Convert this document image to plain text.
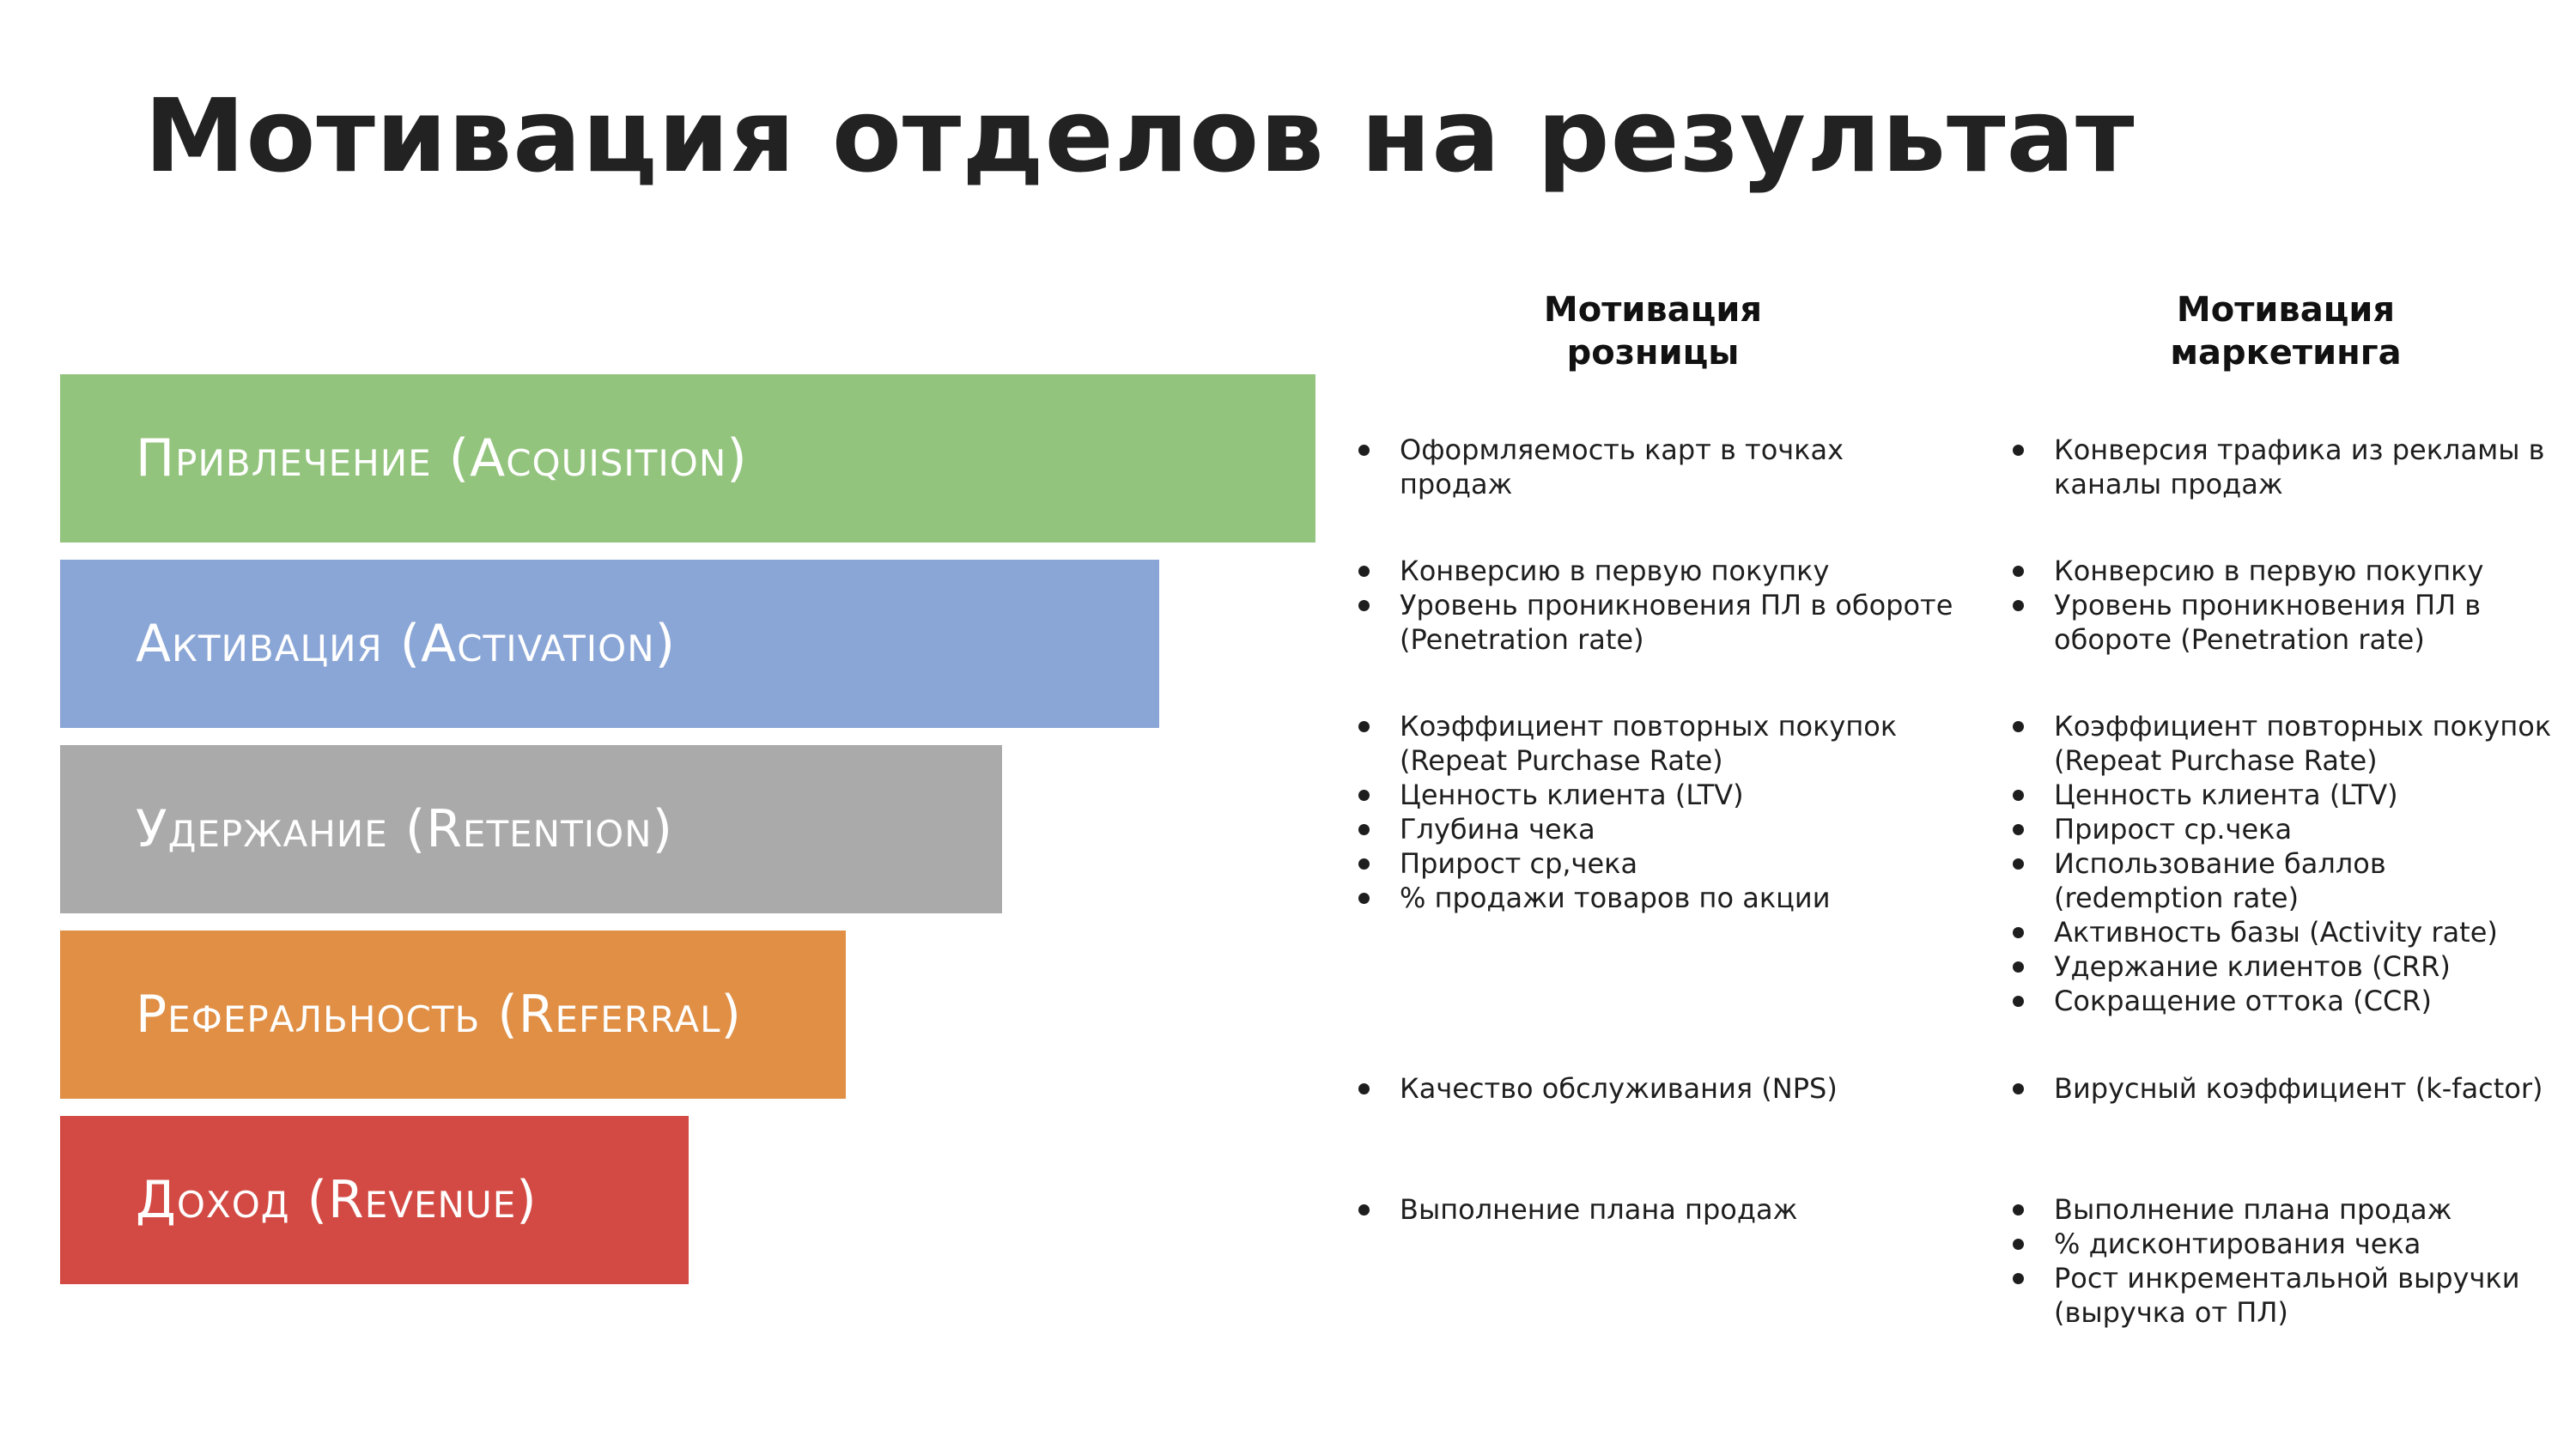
Мотивация отделов на результат
Привлечение (Acquisition)
Активация (Activation)
Удержание (Retention)
Реферальность (Referral)
Доход (Revenue)
Мотивация
розницы
Мотивация
маркетинга
Оформляемость карт в точках продаж
Конверсию в первую покупку
Уровень проникновения ПЛ в обороте (Penetration rate)
Коэффициент повторных покупок (Repeat Purchase Rate)
Ценность клиента (LTV)
Глубина чека
Прирост ср,чека
% продажи товаров по акции
Качество обслуживания (NPS)
Выполнение плана продаж
Конверсия трафика из рекламы в каналы продаж
Конверсию в первую покупку
Уровень проникновения ПЛ в обороте (Penetration rate)
Коэффициент повторных покупок (Repeat Purchase Rate)
Ценность клиента (LTV)
Прирост ср.чека
Использование баллов (redemption rate)
Активность базы (Activity rate)
Удержание клиентов (CRR)
Сокращение оттока (CCR)
Вирусный коэффициент (k-factor)
Выполнение плана продаж
% дисконтирования чека
Рост инкрементальной выручки (выручка от ПЛ)
